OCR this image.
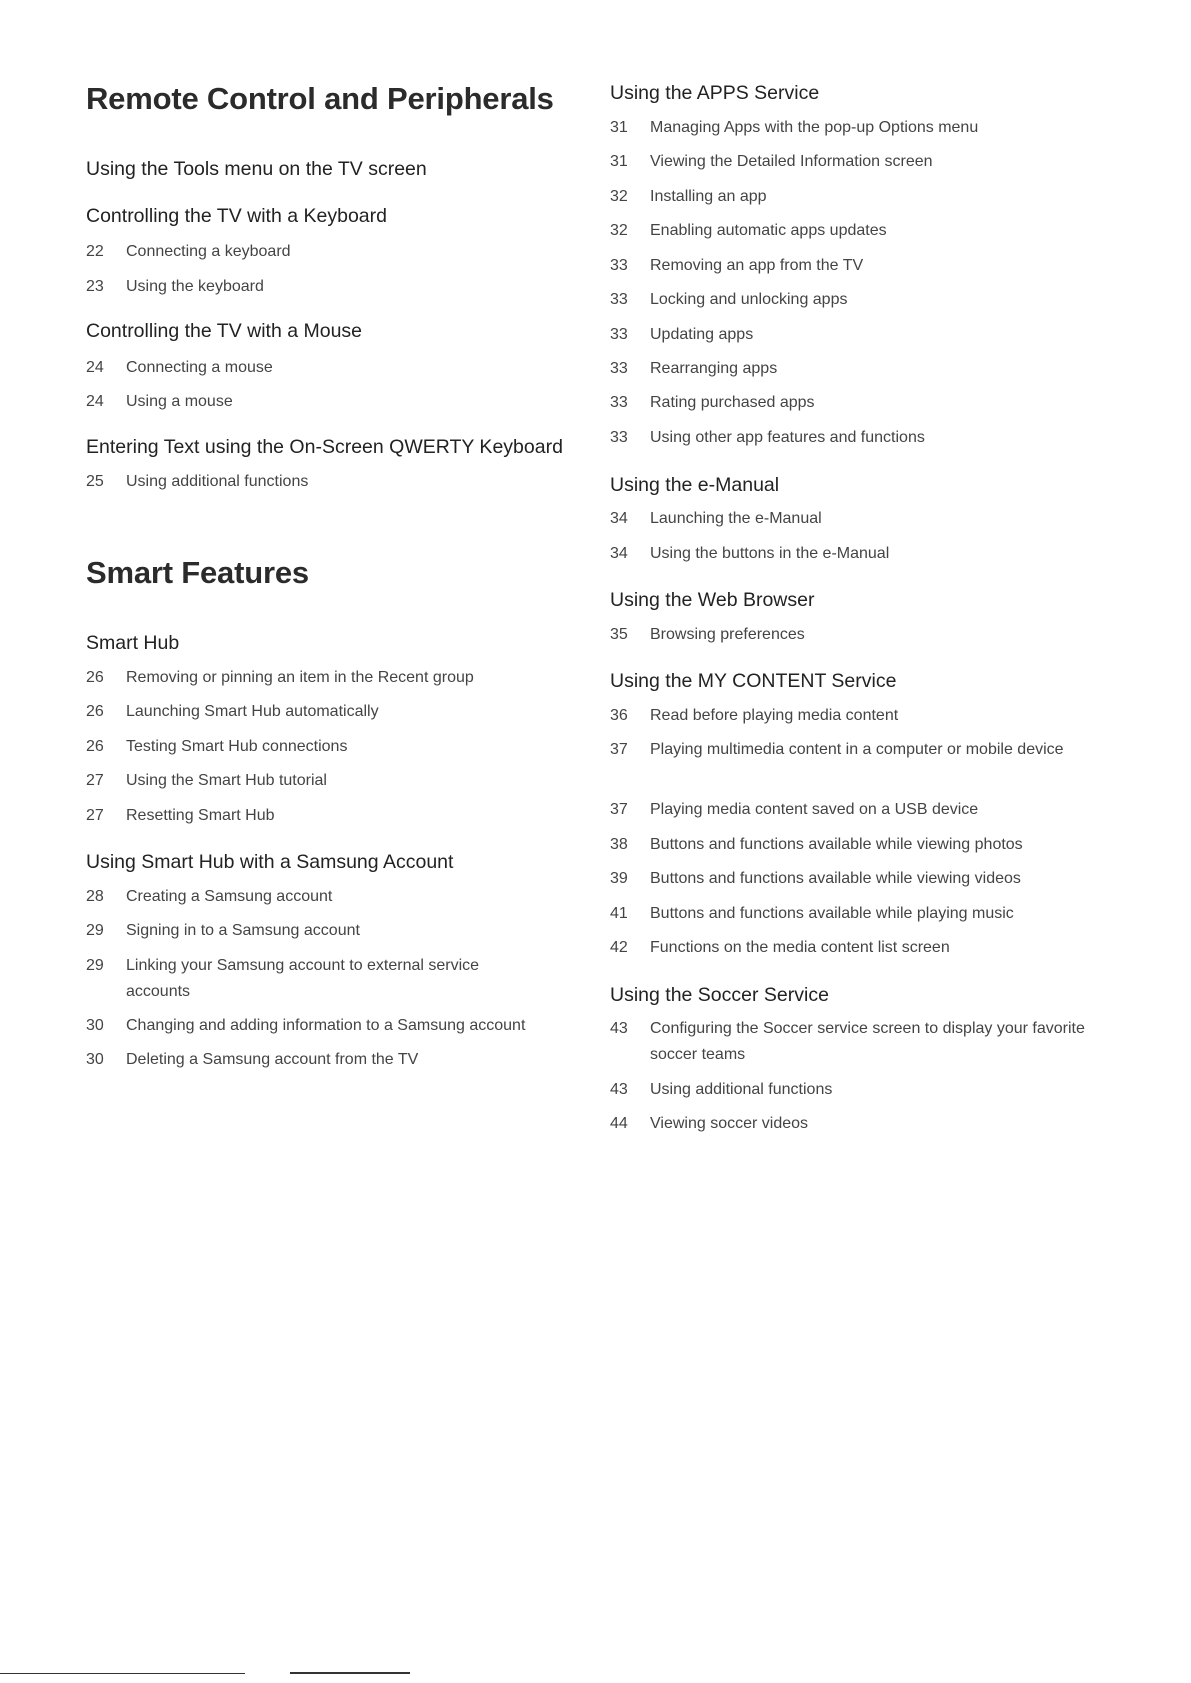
Remote Control and Peripherals
Using the Tools menu on the TV screen
Controlling the TV with a Keyboard
22	Connecting a keyboard
23	Using the keyboard
Controlling the TV with a Mouse
24	Connecting a mouse
24	Using a mouse
Entering Text using the On-Screen QWERTY Keyboard
25	Using additional functions
Smart Features
Smart Hub
26	Removing or pinning an item in the Recent group
26	Launching Smart Hub automatically
26	Testing Smart Hub connections
27	Using the Smart Hub tutorial
27	Resetting Smart Hub
Using Smart Hub with a Samsung Account
28	Creating a Samsung account
29	Signing in to a Samsung account
29	Linking your Samsung account to external service accounts
30	Changing and adding information to a Samsung account
30	Deleting a Samsung account from the TV
Using the APPS Service
31	Managing Apps with the pop-up Options menu
31	Viewing the Detailed Information screen
32	Installing an app
32	Enabling automatic apps updates
33	Removing an app from the TV
33	Locking and unlocking apps
33	Updating apps
33	Rearranging apps
33	Rating purchased apps
33	Using other app features and functions
Using the e-Manual
34	Launching the e-Manual
34	Using the buttons in the e-Manual
Using the Web Browser
35	Browsing preferences
Using the MY CONTENT Service
36	Read before playing media content
37	Playing multimedia content in a computer or mobile device
37	Playing media content saved on a USB device
38	Buttons and functions available while viewing photos
39	Buttons and functions available while viewing videos
41	Buttons and functions available while playing music
42	Functions on the media content list screen
Using the Soccer Service
43	Configuring the Soccer service screen to display your favorite soccer teams
43	Using additional functions
44	Viewing soccer videos
